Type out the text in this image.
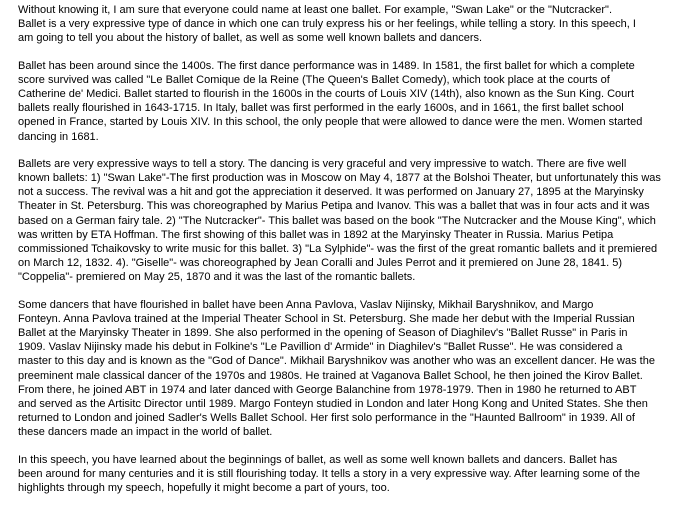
Without knowing it, I am sure that everyone could name at least one ballet. For example, "Swan Lake" or the "Nutcracker".
Ballet is a very expressive type of dance in which one can truly express his or her feelings, while telling a story. In this speech, I
am going to tell you about the history of ballet, as well as some well known ballets and dancers.

Ballet has been around since the 1400s. The first dance performance was in 1489. In 1581, the first ballet for which a complete
score survived was called "Le Ballet Comique de la Reine (The Queen's Ballet Comedy), which took place at the courts of
Catherine de' Medici. Ballet started to flourish in the 1600s in the courts of Louis XIV (14th), also known as the Sun King. Court
ballets really flourished in 1643-1715. In Italy, ballet was first performed in the early 1600s, and in 1661, the first ballet school
opened in France, started by Louis XIV. In this school, the only people that were allowed to dance were the men. Women started
dancing in 1681.

Ballets are very expressive ways to tell a story. The dancing is very graceful and very impressive to watch. There are five well
known ballets: 1) "Swan Lake"-The first production was in Moscow on May 4, 1877 at the Bolshoi Theater, but unfortunately this was
not a success. The revival was a hit and got the appreciation it deserved. It was performed on January 27, 1895 at the Maryinsky
Theater in St. Petersburg. This was choreographed by Marius Petipa and Ivanov. This was a ballet that was in four acts and it was
based on a German fairy tale. 2) "The Nutcracker"- This ballet was based on the book "The Nutcracker and the Mouse King", which
was written by ETA Hoffman. The first showing of this ballet was in 1892 at the Maryinsky Theater in Russia. Marius Petipa
commissioned Tchaikovsky to write music for this ballet. 3) "La Sylphide"- was the first of the great romantic ballets and it premiered
on March 12, 1832. 4). "Giselle"- was choreographed by Jean Coralli and Jules Perrot and it premiered on June 28, 1841. 5)
"Coppelia"- premiered on May 25, 1870 and it was the last of the romantic ballets.

Some dancers that have flourished in ballet have been Anna Pavlova, Vaslav Nijinsky, Mikhail Baryshnikov, and Margo
Fonteyn. Anna Pavlova trained at the Imperial Theater School in St. Petersburg. She made her debut with the Imperial Russian
Ballet at the Maryinsky Theater in 1899. She also performed in the opening of Season of Diaghilev's "Ballet Russe" in Paris in
1909. Vaslav Nijinsky made his debut in Folkine's "Le Pavillion d' Armide" in Diaghilev's "Ballet Russe". He was considered a
master to this day and is known as the "God of Dance". Mikhail Baryshnikov was another who was an excellent dancer. He was the
preeminent male classical dancer of the 1970s and 1980s. He trained at Vaganova Ballet School, he then joined the Kirov Ballet.
From there, he joined ABT in 1974 and later danced with George Balanchine from 1978-1979. Then in 1980 he returned to ABT
and served as the Artisitc Director until 1989. Margo Fonteyn studied in London and later Hong Kong and United States. She then
returned to London and joined Sadler's Wells Ballet School. Her first solo performance in the "Haunted Ballroom" in 1939. All of
these dancers made an impact in the world of ballet.

In this speech, you have learned about the beginnings of ballet, as well as some well known ballets and dancers. Ballet has
been around for many centuries and it is still flourishing today. It tells a story in a very expressive way. After learning some of the
highlights through my speech, hopefully it might become a part of yours, too.
